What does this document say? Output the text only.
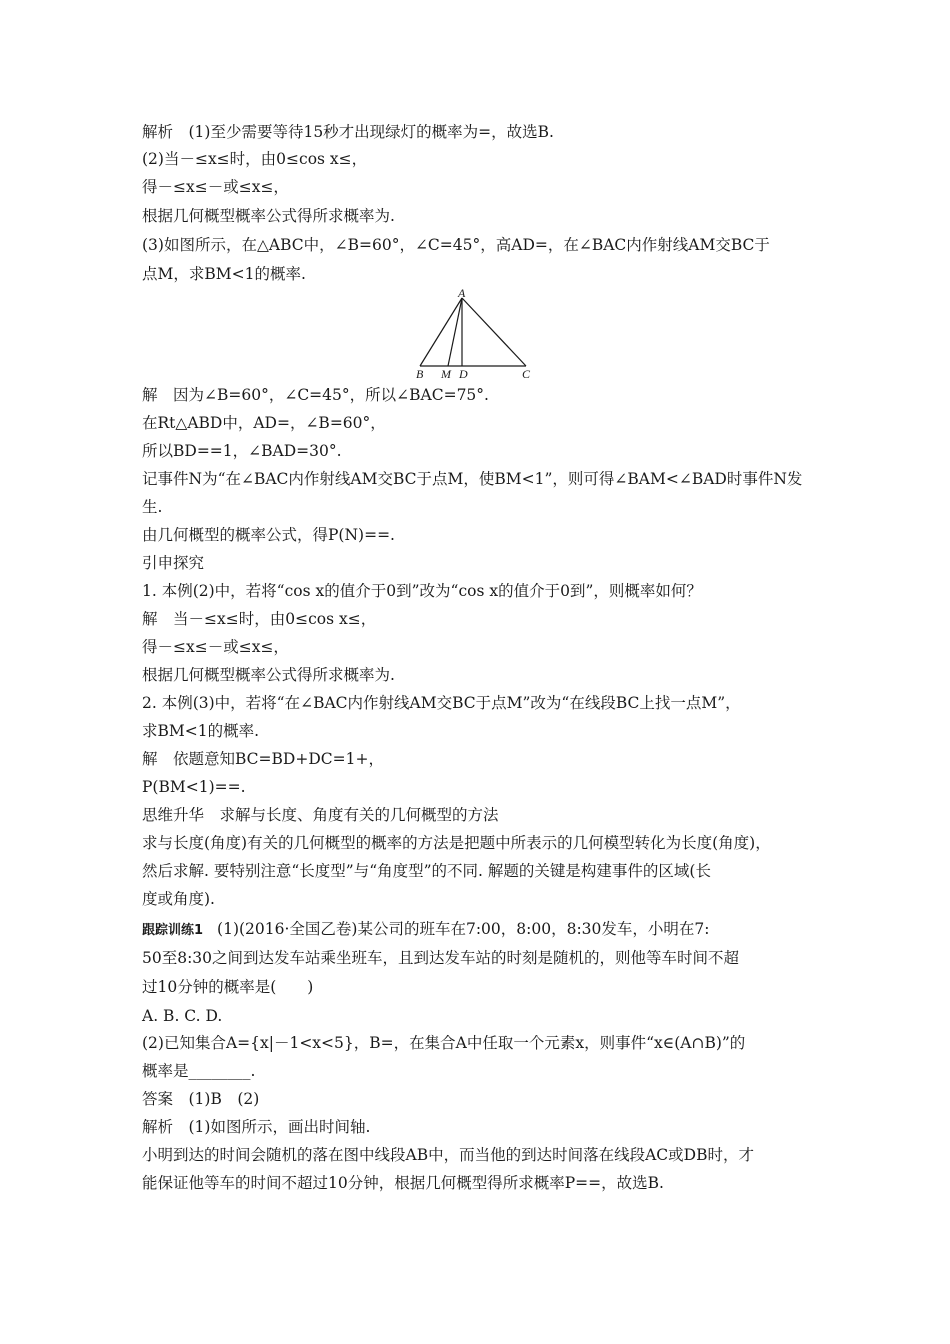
解析　(1)至少需要等待15秒才出现绿灯的概率为=，故选B.
(2)当－≤x≤时，由0≤cos x≤，
得－≤x≤－或≤x≤，
根据几何概型概率公式得所求概率为.
(3)如图所示，在△ABC中，∠B=60°，∠C=45°，高AD=，在∠BAC内作射线AM交BC于
点M，求BM<1的概率.
A
B M D	C
解　因为∠B=60°，∠C=45°，所以∠BAC=75°.
在Rt△ABD中，AD=，∠B=60°，
所以BD==1，∠BAD=30°.
记事件N为“在∠BAC内作射线AM交BC于点M，使BM<1”，则可得∠BAM<∠BAD时事件N发
生.
由几何概型的概率公式，得P(N)==.
引申探究
1. 本例(2)中，若将“cos x的值介于0到”改为“cos x的值介于0到”，则概率如何？
解　当－≤x≤时，由0≤cos x≤，
得－≤x≤－或≤x≤，
根据几何概型概率公式得所求概率为.
2. 本例(3)中，若将“在∠BAC内作射线AM交BC于点M”改为“在线段BC上找一点M”，
求BM<1的概率.
解　依题意知BC=BD+DC=1+，
P(BM<1)==.
思维升华　求解与长度、角度有关的几何概型的方法
求与长度(角度)有关的几何概型的概率的方法是把题中所表示的几何模型转化为长度(角度)，
然后求解. 要特别注意“长度型”与“角度型”的不同. 解题的关键是构建事件的区域(长
度或角度).
跟踪训练1 (1)(2016·全国乙卷)某公司的班车在7:00，8:00，8:30发车，小明在7:
50至8:30之间到达发车站乘坐班车，且到达发车站的时刻是随机的，则他等车时间不超
过10分钟的概率是(　　)
A. B. C. D.
(2)已知集合A={x|－1<x<5}，B=，在集合A中任取一个元素x，则事件“x∈(A∩B)”的
概率是________.
答案　(1)B　(2)
解析　(1)如图所示，画出时间轴.
小明到达的时间会随机的落在图中线段AB中，而当他的到达时间落在线段AC或DB时，才
能保证他等车的时间不超过10分钟，根据几何概型得所求概率P==，故选B.
